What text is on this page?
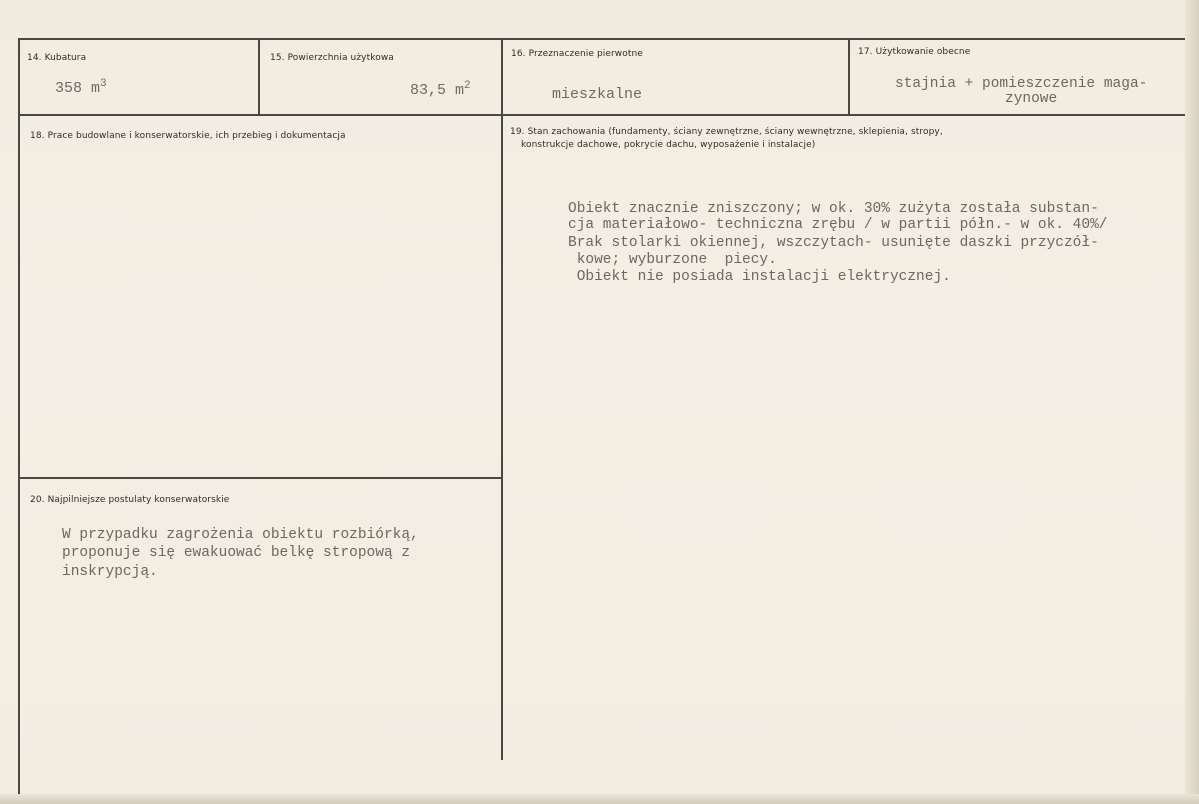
14. Kubatura
358 $m^3$
15. Powierzchnia użytkowa
83,5 $m^2$
16. Przeznaczenie pierwotne
mieszkalne
17. Użytkowanie obecne
stajnia + pomieszczenie maga-
zynowe
18. Prace budowlane i konserwatorskie, ich przebieg i dokumentacja	19. Stan zachowania (fundamenty, ściany zewnętrzne, ściany wewnętrzne, sklepienia, stropy,
konstrukcje dachowe, pokrycie dachu, wyposażenie i instalacje)
Obiekt znacznie zniszczony; w ok. 30% zużyta została substan-
cja materiałowo- techniczna zrębu / w partii półn.- w ok. 40%/
Brak stolarki okiennej, wszczytach- usunięte daszki przyczół-
kowe; wyburzone  piecy.
Obiekt nie posiada instalacji elektrycznej.
20. Najpilniejsze postulaty konserwatorskie
W przypadku zagrożenia obiektu rozbiórką,
proponuje się ewakuować belkę stropową z
inskrypcją.
